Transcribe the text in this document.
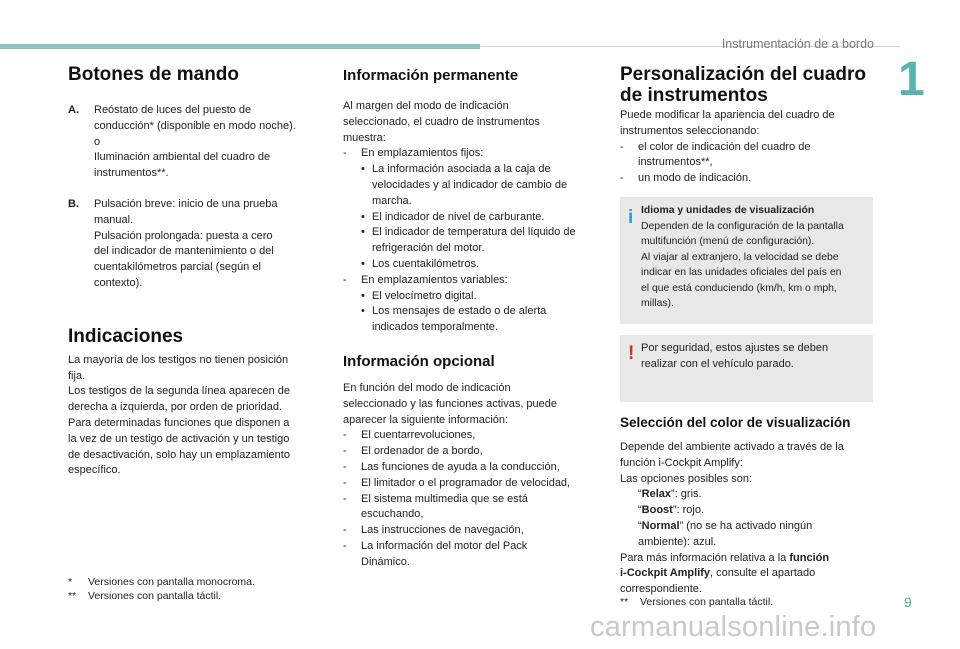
Instrumentación de a bordo
1
Botones de mando
A.	Reóstato de luces del puesto de

conducción* (disponible en modo noche).

o

Iluminación ambiental del cuadro de

instrumentos**.

B.	Pulsación breve: inicio de una prueba

manual.

Pulsación prolongada: puesta a cero

del indicador de mantenimiento o del

cuentakilómetros parcial (según el

contexto).

Indicaciones

La mayoría de los testigos no tienen posición

fija.

Los testigos de la segunda línea aparecen de

derecha a izquierda, por orden de prioridad.

Para determinadas funciones que disponen a

la vez de un testigo de activación y un testigo

de desactivación, solo hay un emplazamiento

específico.

* Versiones con pantalla monocroma.
** Versiones con pantalla táctil.
Información permanente

Al margen del modo de indicación

seleccionado, el cuadro de instrumentos

muestra:

-	En emplazamientos fijos:
• La información asociada a la caja de

velocidades y al indicador de cambio de

marcha.

• El indicador de nivel de carburante.

• El indicador de temperatura del líquido de

refrigeración del motor.

• Los cuentakilómetros.

-	En emplazamientos variables:
• El velocímetro digital.

• Los mensajes de estado o de alerta

indicados temporalmente.

Información opcional

En función del modo de indicación

seleccionado y las funciones activas, puede

aparecer la siguiente información:

-	El cuentarrevoluciones,

-	El ordenador de a bordo,

-	Las funciones de ayuda a la conducción,

-	El limitador o el programador de velocidad,

-	El sistema multimedia que se está

escuchando,

-	Las instrucciones de navegación,

-	La información del motor del Pack

Dinámico.

Personalización del cuadro
de instrumentos

Puede modificar la apariencia del cuadro de

instrumentos seleccionando:

-	el color de indicación del cuadro de

instrumentos**,

-	un modo de indicación.

i Idioma y unidades de visualización

Dependen de la configuración de la pantalla

multifunción (menú de configuración).

Al viajar al extranjero, la velocidad se debe

indicar en las unidades oficiales del país en

el que está conduciendo (km/h, km o mph,

millas).

! Por seguridad, estos ajustes se deben

realizar con el vehículo parado.

Selección del color de visualización

Depende del ambiente activado a través de la

función i-Cockpit Amplify:

Las opciones posibles son:

“Relax”: gris.

“Boost”: rojo.

“Normal” (no se ha activado ningún

ambiente): azul.

Para más información relativa a la función

i-Cockpit Amplify, consulte el apartado

correspondiente.

** Versiones con pantalla táctil.	9
carmanualsonline.info
